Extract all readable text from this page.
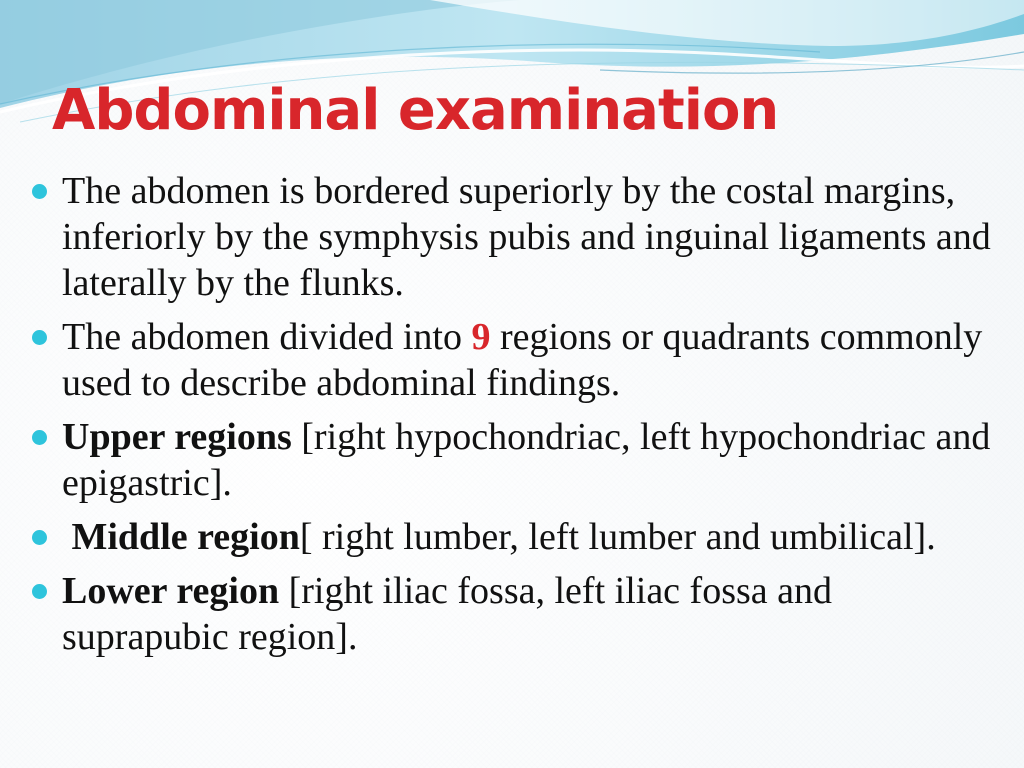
Abdominal examination
The abdomen is bordered superiorly by the costal margins, inferiorly by the symphysis pubis and inguinal ligaments and laterally by the flunks.
The abdomen divided into 9 regions or quadrants commonly used to describe abdominal findings.
Upper regions [right hypochondriac, left hypochondriac and epigastric].
Middle region[ right lumber, left lumber and umbilical].
Lower region [right iliac fossa, left iliac fossa and suprapubic region].
